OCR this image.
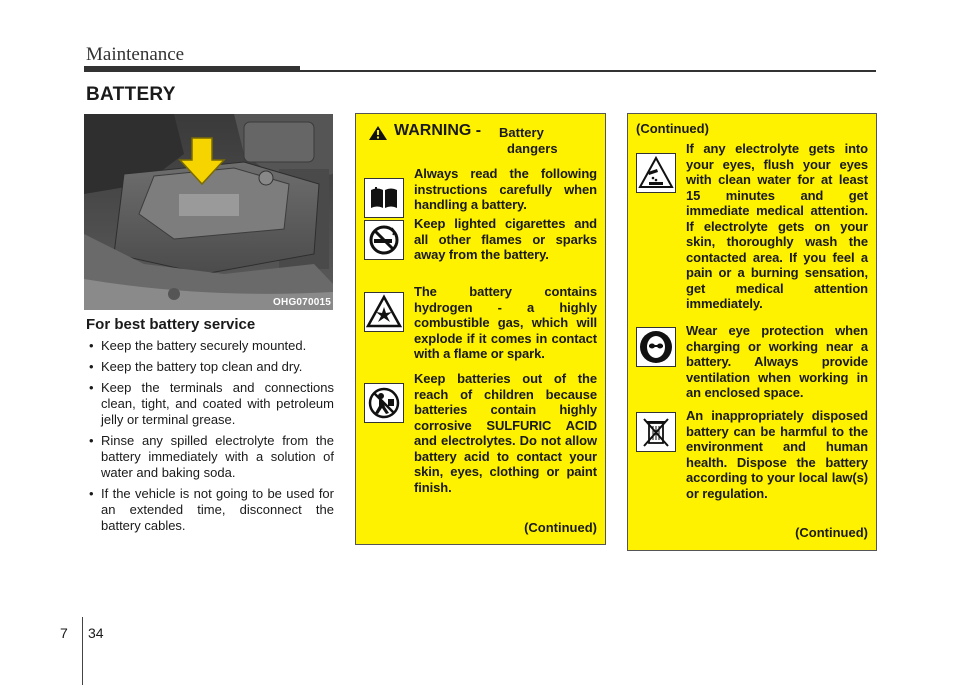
Maintenance
BATTERY
OHG070015
For best battery service
• Keep the battery securely mounted.
• Keep the battery top clean and dry.
• Keep the terminals and connections clean, tight, and coated with petroleum jelly or terminal grease.
• Rinse any spilled electrolyte from the battery immediately with a solution of water and baking soda.
• If the vehicle is not going to be used for an extended time, disconnect the battery cables.
WARNING - Battery
dangers

Always read the following instructions carefully when handling a battery.

Keep lighted cigarettes and all other flames or sparks away from the battery.

The battery contains hydrogen - a highly combustible gas, which will explode if it comes in contact with a flame or spark.

Keep batteries out of the reach of children because batteries contain highly corrosive SULFURIC ACID and electrolytes. Do not allow battery acid to contact your skin, eyes, clothing or paint finish.

(Continued)
(Continued)

If any electrolyte gets into your eyes, flush your eyes with clean water for at least 15 minutes and get immediate medical attention. If electrolyte gets on your skin, thoroughly wash the contacted area. If you feel a pain or a burning sensation, get medical attention immediately.

Wear eye protection when charging or working near a battery. Always provide ventilation when working in an enclosed space.

An inappropriately disposed battery can be harmful to the environment and human health. Dispose the battery according to your local law(s) or regulation.

(Continued)
7 34
